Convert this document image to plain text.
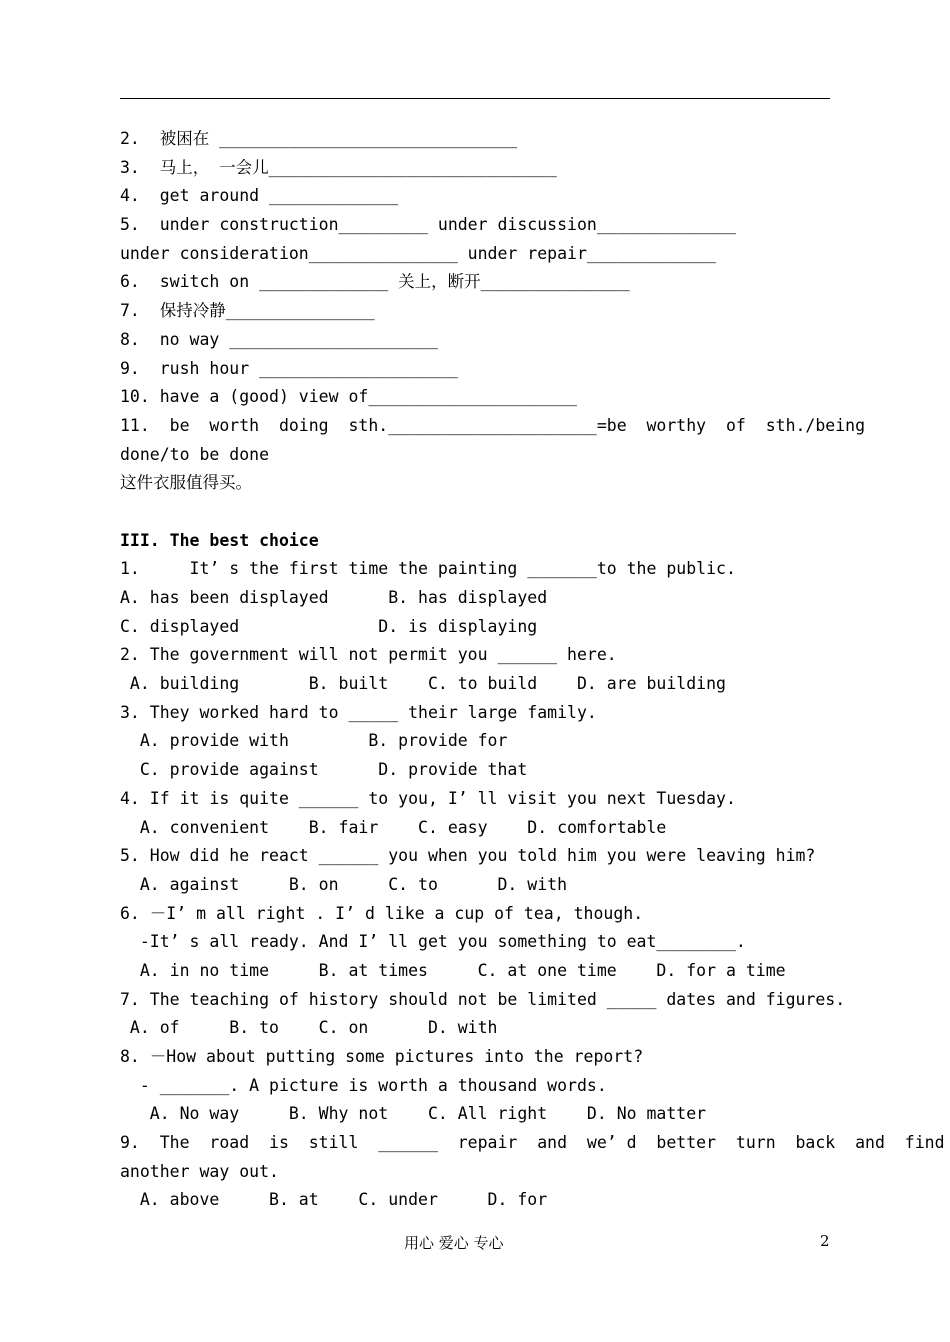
2.  被困在 ______________________________
3.  马上， 一会儿_____________________________
4.  get around _____________
5.  under construction_________ under discussion______________
under consideration_______________ under repair_____________
6.  switch on _____________ 关上，断开_______________
7.  保持冷静_______________
8.  no way _____________________
9.  rush hour ____________________
10. have a (good) view of_____________________
11.  be  worth  doing  sth._____________________=be  worthy  of  sth./being
done/to be done
这件衣服值得买。
III. The best choice
1.     It’ s the first time the painting _______to the public.
A. has been displayed      B. has displayed
C. displayed              D. is displaying
2. The government will not permit you ______ here.
A. building       B. built    C. to build    D. are building
3. They worked hard to _____ their large family.
A. provide with        B. provide for
C. provide against      D. provide that
4. If it is quite ______ to you, I’ ll visit you next Tuesday.
A. convenient    B. fair    C. easy    D. comfortable
5. How did he react ______ you when you told him you were leaving him?
A. against     B. on     C. to      D. with
6. －I’ m all right . I’ d like a cup of tea, though.
-It’ s all ready. And I’ ll get you something to eat________.
A. in no time     B. at times     C. at one time    D. for a time
7. The teaching of history should not be limited _____ dates and figures.
A. of     B. to    C. on      D. with
8. －How about putting some pictures into the report?
- _______. A picture is worth a thousand words.
A. No way     B. Why not    C. All right    D. No matter
9.  The  road  is  still  ______  repair  and  we’ d  better  turn  back  and  find
another way out.
A. above     B. at    C. under     D. for
用心 爱心 专心	2
